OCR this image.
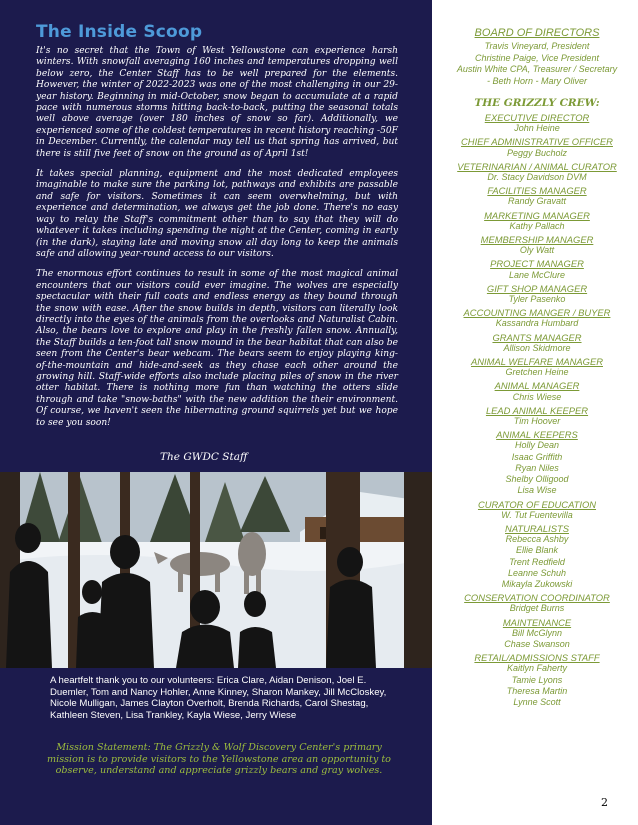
The Inside Scoop

It's no secret that the Town of West Yellowstone can experience harsh winters. With snowfall averaging 160 inches and temperatures dropping well below zero, the Center Staff has to be well prepared for the elements. However, the winter of 2022-2023 was one of the most challenging in our 29-year history. Beginning in mid-October, snow began to accumulate at a rapid pace with numerous storms hitting back-to-back, putting the seasonal totals well above average (over 180 inches of snow so far). Additionally, we experienced some of the coldest temperatures in recent history reaching -50F in December. Currently, the calendar may tell us that spring has arrived, but there is still five feet of snow on the ground as of April 1st!

It takes special planning, equipment and the most dedicated employees imaginable to make sure the parking lot, pathways and exhibits are passable and safe for visitors. Sometimes it can seem overwhelming, but with experience and determination, we always get the job done. There's no easy way to relay the Staff's commitment other than to say that they will do whatever it takes including spending the night at the Center, coming in early (in the dark), staying late and moving snow all day long to keep the animals safe and allowing year-round access to our visitors.

The enormous effort continues to result in some of the most magical animal encounters that our visitors could ever imagine. The wolves are especially spectacular with their full coats and endless energy as they bound through the snow with ease. After the snow builds in depth, visitors can literally look directly into the eyes of the animals from the overlooks and Naturalist Cabin. Also, the bears love to explore and play in the freshly fallen snow. Annually, the Staff builds a ten-foot tall snow mound in the bear habitat that can also be seen from the Center's bear webcam. The bears seem to enjoy playing king-of-the-mountain and hide-and-seek as they chase each other around the growing hill. Staff-wide efforts also include placing piles of snow in the river otter habitat. There is nothing more fun than watching the otters slide through and take "snow-baths" with the new addition the their environment. Of course, we haven't seen the hibernating ground squirrels yet but we hope to see you soon!

The GWDC Staff
A heartfelt thank you to our volunteers: Erica Clare, Aidan Denison, Joel E. Duemler, Tom and Nancy Hohler, Anne Kinney, Sharon Mankey, Jill McCloskey, Nicole Mulligan, James Clayton Overholt, Brenda Richards, Carol Shestag, Kathleen Steven, Lisa Trankley, Kayla Wiese, Jerry Wiese
Mission Statement: The Grizzly & Wolf Discovery Center's primary mission is to provide visitors to the Yellowstone area an opportunity to observe, understand and appreciate grizzly bears and gray wolves.
BOARD OF DIRECTORS
Travis Vineyard, President
Christine Paige, Vice President
Austin White CPA, Treasurer / Secretary
- Beth Horn - Mary Oliver
THE GRIZZLY CREW:
EXECUTIVE DIRECTOR
John Heine
CHIEF ADMINISTRATIVE OFFICER
Peggy Bucholz
VETERINARIAN / ANIMAL CURATOR
Dr. Stacy Davidson DVM
FACILITIES MANAGER
Randy Gravatt
MARKETING MANAGER
Kathy Pallach
MEMBERSHIP MANAGER
Oly Watt
PROJECT MANAGER
Lane McClure
GIFT SHOP MANAGER
Tyler Pasenko
ACCOUNTING MANGER / BUYER
Kassandra Humbard
GRANTS MANAGER
Allison Skidmore
ANIMAL WELFARE MANAGER
Gretchen Heine
ANIMAL MANAGER
Chris Wiese
LEAD ANIMAL KEEPER
Tim Hoover
ANIMAL KEEPERS
Holly Dean
Isaac Griffith
Ryan Niles
Shelby Olligood
Lisa Wise
CURATOR OF EDUCATION
W. Tut Fuentevilla
NATURALISTS
Rebecca Ashby
Ellie Blank
Trent Redfield
Leanne Schuh
Mikayla Zukowski
CONSERVATION COORDINATOR
Bridget Burns
MAINTENANCE
Bill McGlynn
Chase Swanson
RETAIL/ADMISSIONS STAFF
Kaitlyn Faherty
Tamie Lyons
Theresa Martin
Lynne Scott
2
